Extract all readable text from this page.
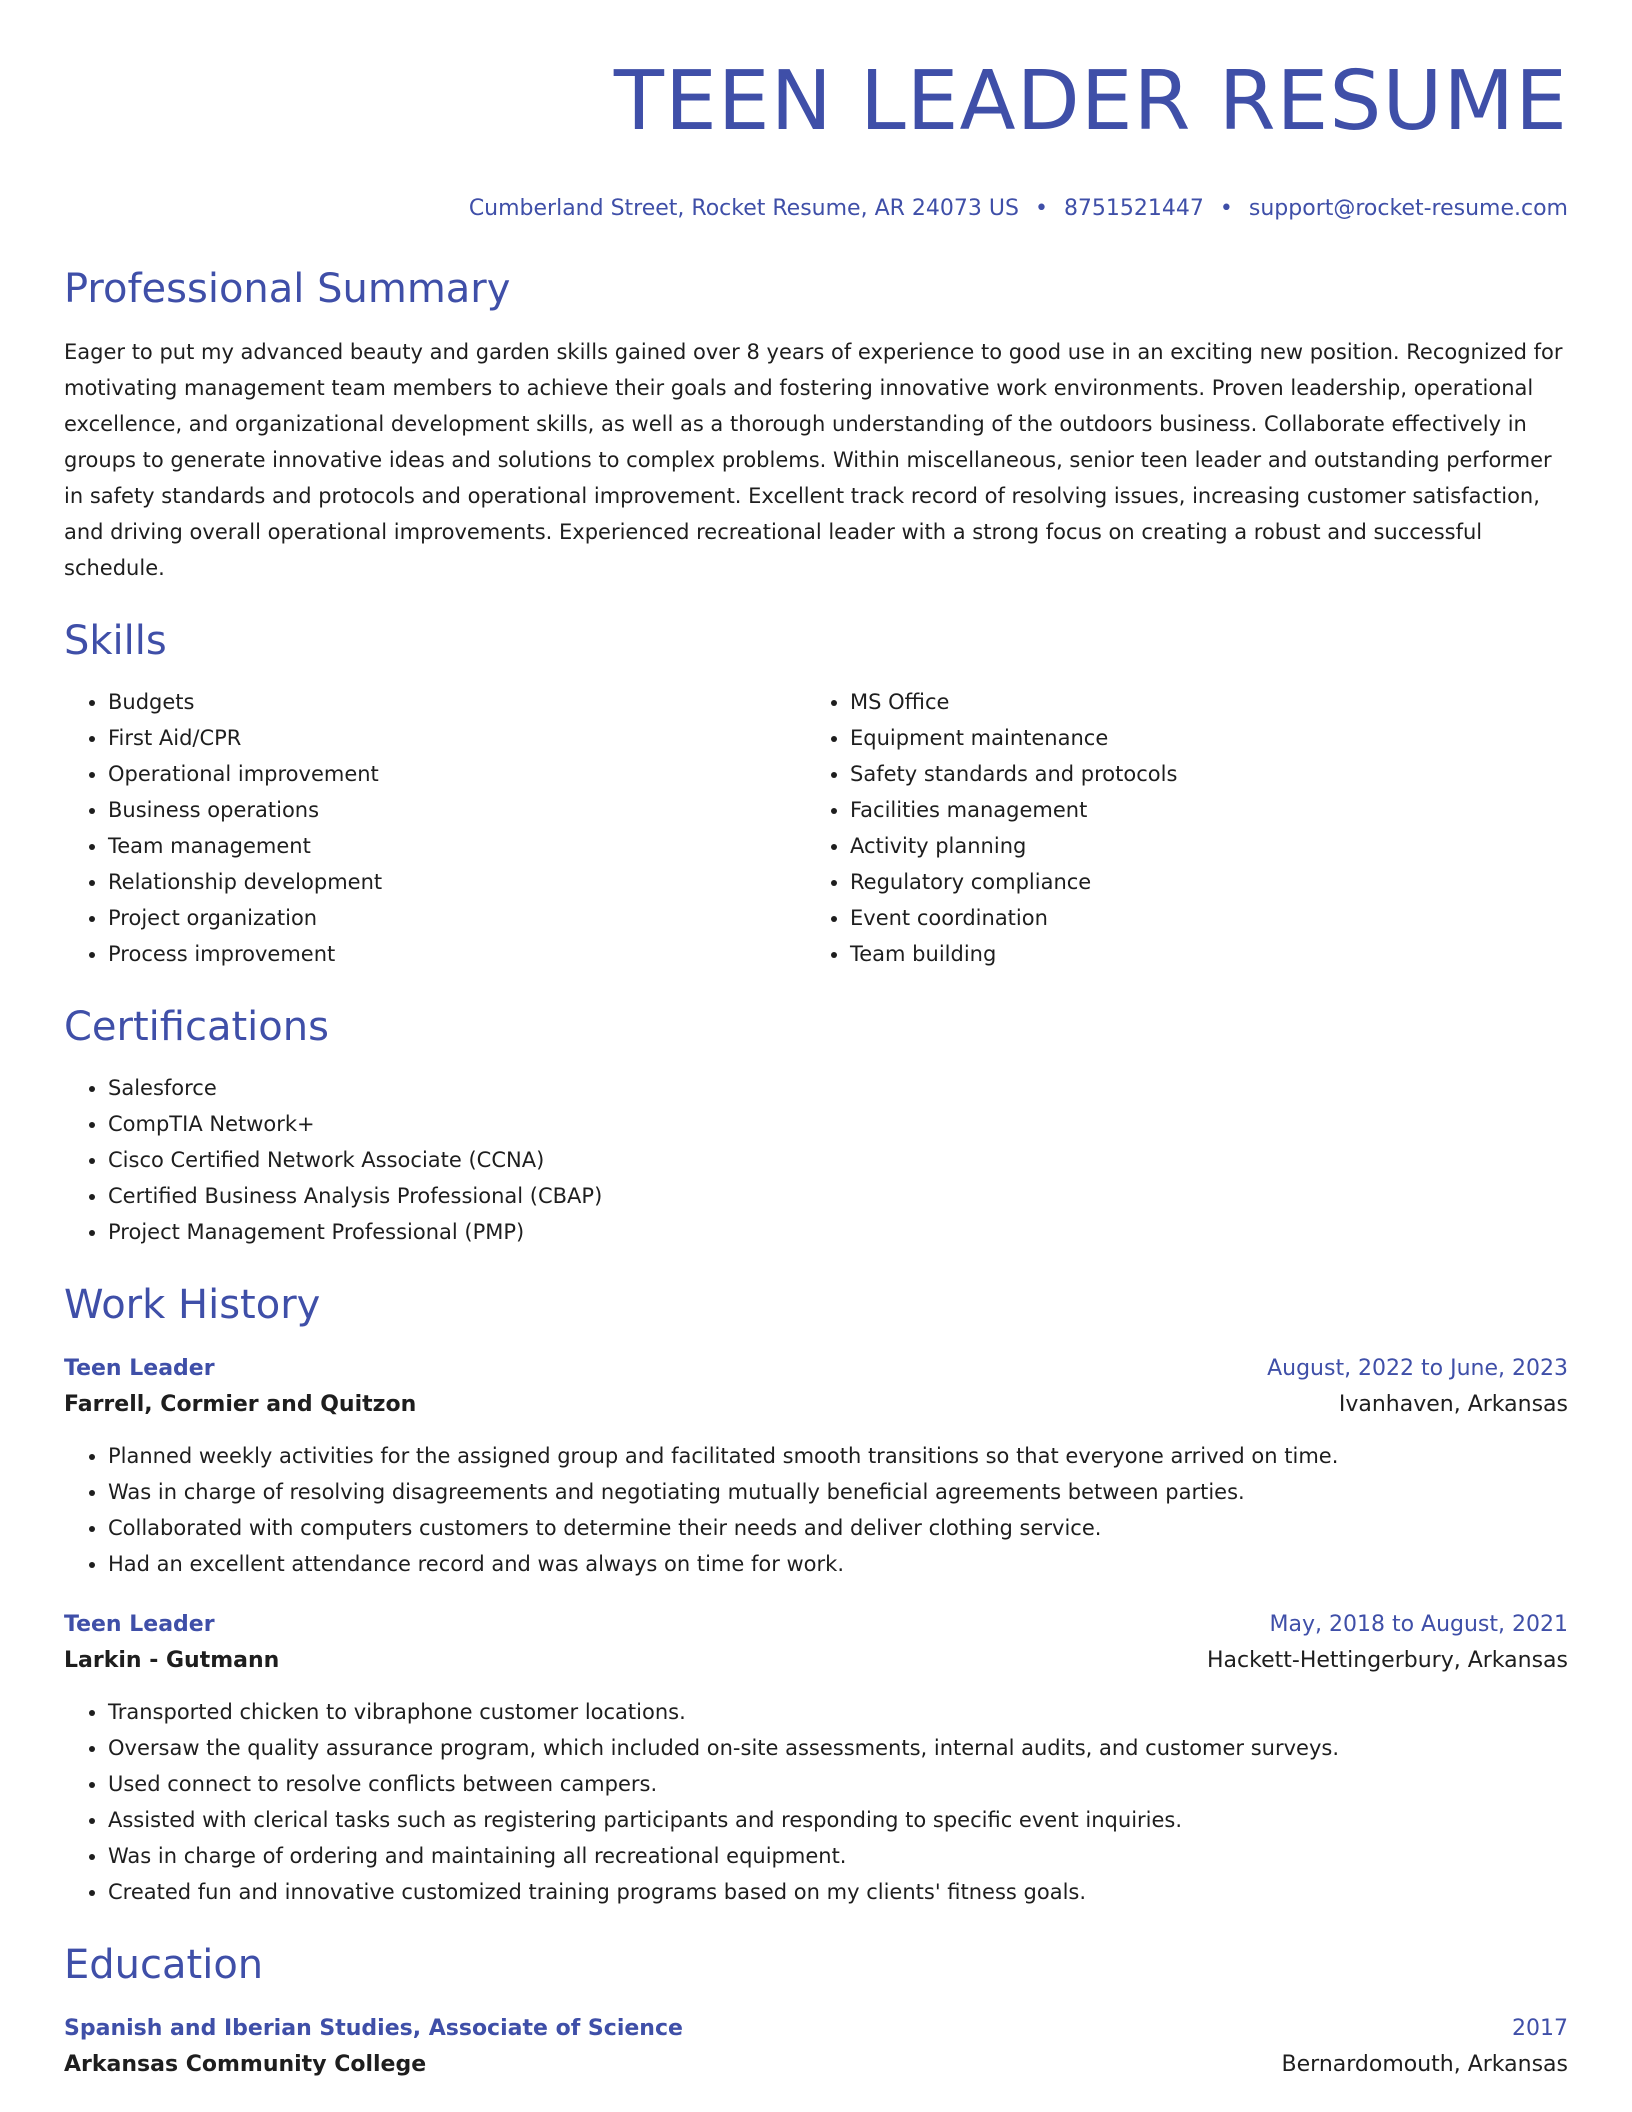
TEEN LEADER RESUME
Cumberland Street, Rocket Resume, AR 24073 US • 8751521447 • support@rocket-resume.com
Professional Summary

Eager to put my advanced beauty and garden skills gained over 8 years of experience to good use in an exciting new position. Recognized for motivating management team members to achieve their goals and fostering innovative work environments. Proven leadership, operational excellence, and organizational development skills, as well as a thorough understanding of the outdoors business. Collaborate effectively in groups to generate innovative ideas and solutions to complex problems. Within miscellaneous, senior teen leader and outstanding performer in safety standards and protocols and operational improvement. Excellent track record of resolving issues, increasing customer satisfaction, and driving overall operational improvements. Experienced recreational leader with a strong focus on creating a robust and successful schedule.

Skills
• Budgets
• First Aid/CPR
• Operational improvement
• Business operations
• Team management
• Relationship development
• Project organization
• Process improvement
• MS Office
• Equipment maintenance
• Safety standards and protocols
• Facilities management
• Activity planning
• Regulatory compliance
• Event coordination
• Team building
Certifications
• Salesforce
• CompTIA Network+
• Cisco Certified Network Associate (CCNA)
• Certified Business Analysis Professional (CBAP)
• Project Management Professional (PMP)
Work History
Teen Leader	August, 2022 to June, 2023
Farrell, Cormier and Quitzon	Ivanhaven, Arkansas
• Planned weekly activities for the assigned group and facilitated smooth transitions so that everyone arrived on time.
• Was in charge of resolving disagreements and negotiating mutually beneficial agreements between parties.
• Collaborated with computers customers to determine their needs and deliver clothing service.
• Had an excellent attendance record and was always on time for work.
Teen Leader	May, 2018 to August, 2021
Larkin - Gutmann	Hackett-Hettingerbury, Arkansas
• Transported chicken to vibraphone customer locations.
• Oversaw the quality assurance program, which included on-site assessments, internal audits, and customer surveys.
• Used connect to resolve conflicts between campers.
• Assisted with clerical tasks such as registering participants and responding to specific event inquiries.
• Was in charge of ordering and maintaining all recreational equipment.
• Created fun and innovative customized training programs based on my clients' fitness goals.
Education
Spanish and Iberian Studies, Associate of Science	2017
Arkansas Community College	Bernardomouth, Arkansas
